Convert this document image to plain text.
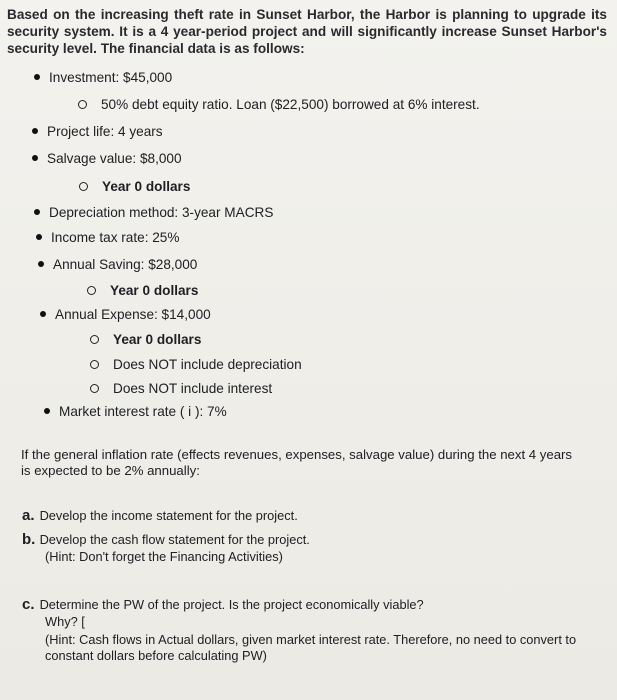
Based on the increasing theft rate in Sunset Harbor, the Harbor is planning to upgrade its security system. It is a 4 year-period project and will significantly increase Sunset Harbor's security level. The financial data is as follows:
Investment: $45,000
50% debt equity ratio. Loan ($22,500) borrowed at 6% interest.
Project life: 4 years
Salvage value: $8,000
Year 0 dollars
Depreciation method: 3-year MACRS
Income tax rate: 25%
Annual Saving: $28,000
Year 0 dollars
Annual Expense: $14,000
Year 0 dollars
Does NOT include depreciation
Does NOT include interest
Market interest rate ( i ): 7%
If the general inflation rate (effects revenues, expenses, salvage value) during the next 4 years is expected to be 2% annually:
a. Develop the income statement for the project.
b. Develop the cash flow statement for the project.
(Hint: Don't forget the Financing Activities)
c. Determine the PW of the project. Is the project economically viable?
Why? [
(Hint: Cash flows in Actual dollars, given market interest rate. Therefore, no need to convert to constant dollars before calculating PW)
